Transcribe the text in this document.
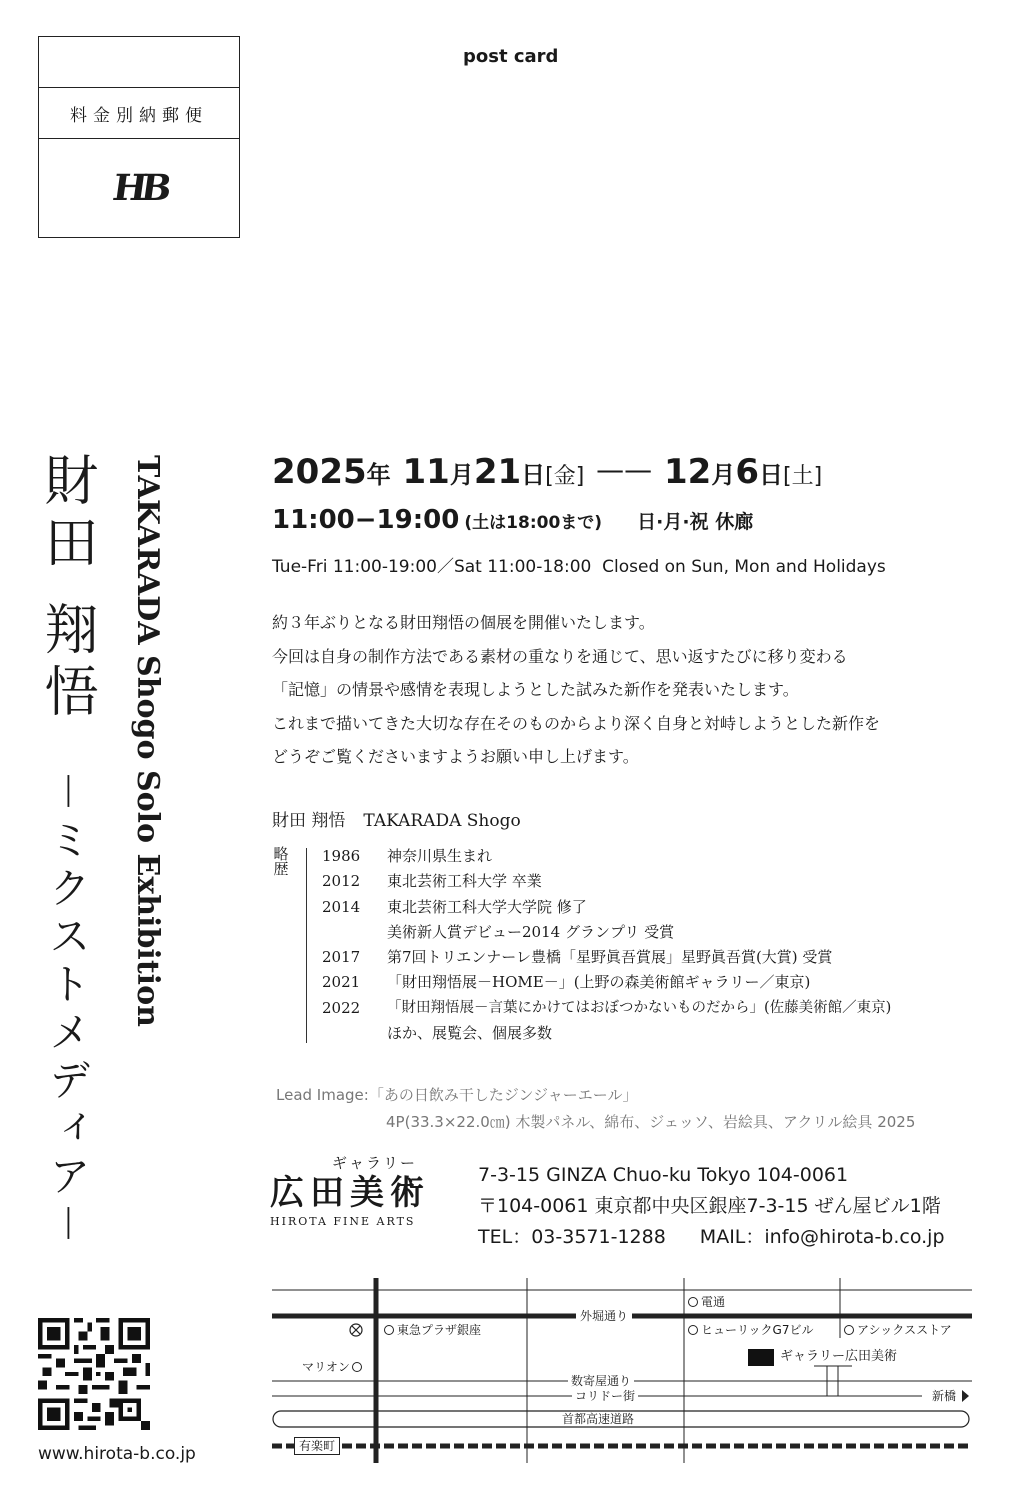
post card
料金別納郵便
HB
財田 翔悟 TAKARADA Shogo Solo Exhibition
－ミクストメディア－
2025年 11月21日[金] —— 12月6日[土]
11:00−19:00 (土は18:00まで) 日·月·祝 休廊
Tue-Fri 11:00-19:00／Sat 11:00-18:00  Closed on Sun, Mon and Holidays
約３年ぶりとなる財田翔悟の個展を開催いたします。
今回は自身の制作方法である素材の重なりを通じて、思い返すたびに移り変わる
「記憶」の情景や感情を表現しようとした試みた新作を発表いたします。
これまで描いてきた大切な存在そのものからより深く自身と対峙しようとした新作を
どうぞご覧くださいますようお願い申し上げます。
財田 翔悟 TAKARADA Shogo
略歴 1986	神奈川県生まれ
2012	東北芸術工科大学 卒業
2014	東北芸術工科大学大学院 修了
	美術新人賞デビュー2014 グランプリ 受賞
2017	第7回トリエンナーレ豊橋「星野眞吾賞展」星野眞吾賞(大賞) 受賞
2021	「財田翔悟展－HOME－」(上野の森美術館ギャラリー／東京)
2022	「財田翔悟展－言葉にかけてはおぼつかないものだから」(佐藤美術館／東京)
	ほか、展覧会、個展多数
Lead Image:「あの日飲み干したジンジャーエール」
4P(33.3×22.0㎝) 木製パネル、綿布、ジェッソ、岩絵具、アクリル絵具 2025
ギャラリー
広田美術
HIROTA FINE ARTS
7-3-15 GINZA Chuo-ku Tokyo 104-0061
〒104-0061 東京都中央区銀座7-3-15 ぜん屋ビル1階
TEL：03-3571-1288 MAIL：info@hirota-b.co.jp
www.hirota-b.co.jp
外堀通り
電通
東急プラザ銀座	ヒューリックG7ビル	アシックスストア
ギャラリー広田美術
マリオン
数寄屋通り
コリドー街	新橋
首都高速道路
有楽町
